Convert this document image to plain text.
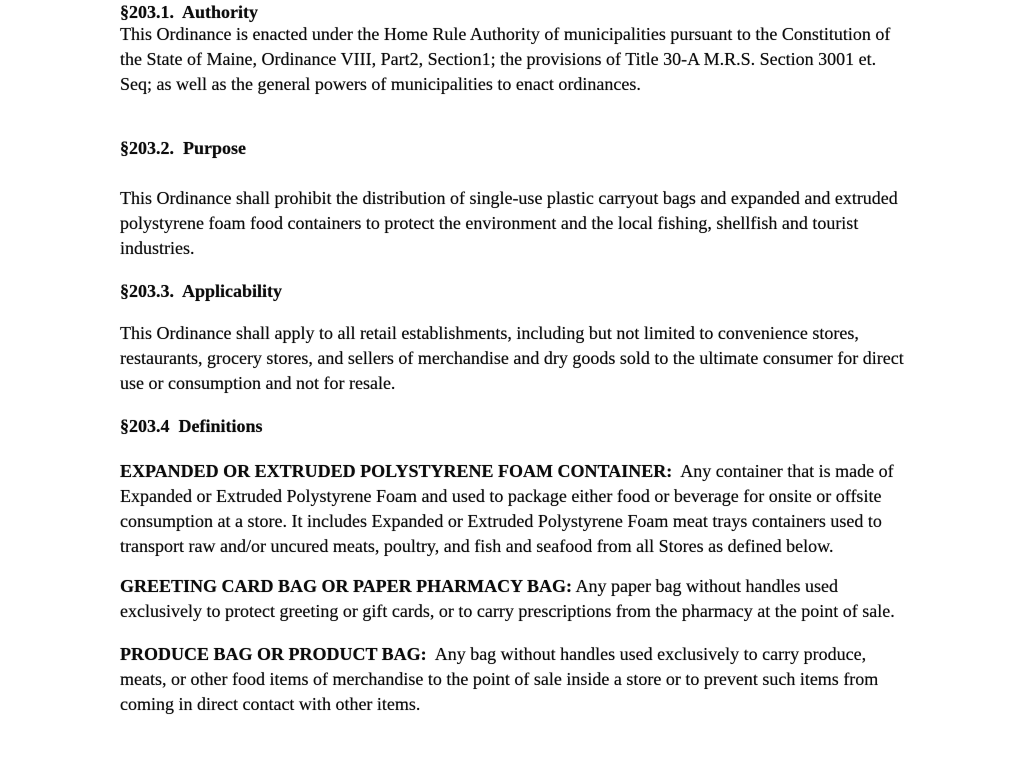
§203.1.  Authority

This Ordinance is enacted under the Home Rule Authority of municipalities pursuant to the Constitution of the State of Maine, Ordinance VIII, Part2, Section1; the provisions of Title 30-A M.R.S. Section 3001 et. Seq; as well as the general powers of municipalities to enact ordinances.

§203.2.  Purpose

This Ordinance shall prohibit the distribution of single-use plastic carryout bags and expanded and extruded polystyrene foam food containers to protect the environment and the local fishing, shellfish and tourist industries.

§203.3.  Applicability

This Ordinance shall apply to all retail establishments, including but not limited to convenience stores, restaurants, grocery stores, and sellers of merchandise and dry goods sold to the ultimate consumer for direct use or consumption and not for resale.

§203.4  Definitions

EXPANDED OR EXTRUDED POLYSTYRENE FOAM CONTAINER:  Any container that is made of Expanded or Extruded Polystyrene Foam and used to package either food or beverage for onsite or offsite consumption at a store. It includes Expanded or Extruded Polystyrene Foam meat trays containers used to transport raw and/or uncured meats, poultry, and fish and seafood from all Stores as defined below.

GREETING CARD BAG OR PAPER PHARMACY BAG: Any paper bag without handles used exclusively to protect greeting or gift cards, or to carry prescriptions from the pharmacy at the point of sale.

PRODUCE BAG OR PRODUCT BAG:  Any bag without handles used exclusively to carry produce, meats, or other food items of merchandise to the point of sale inside a store or to prevent such items from coming in direct contact with other items.
